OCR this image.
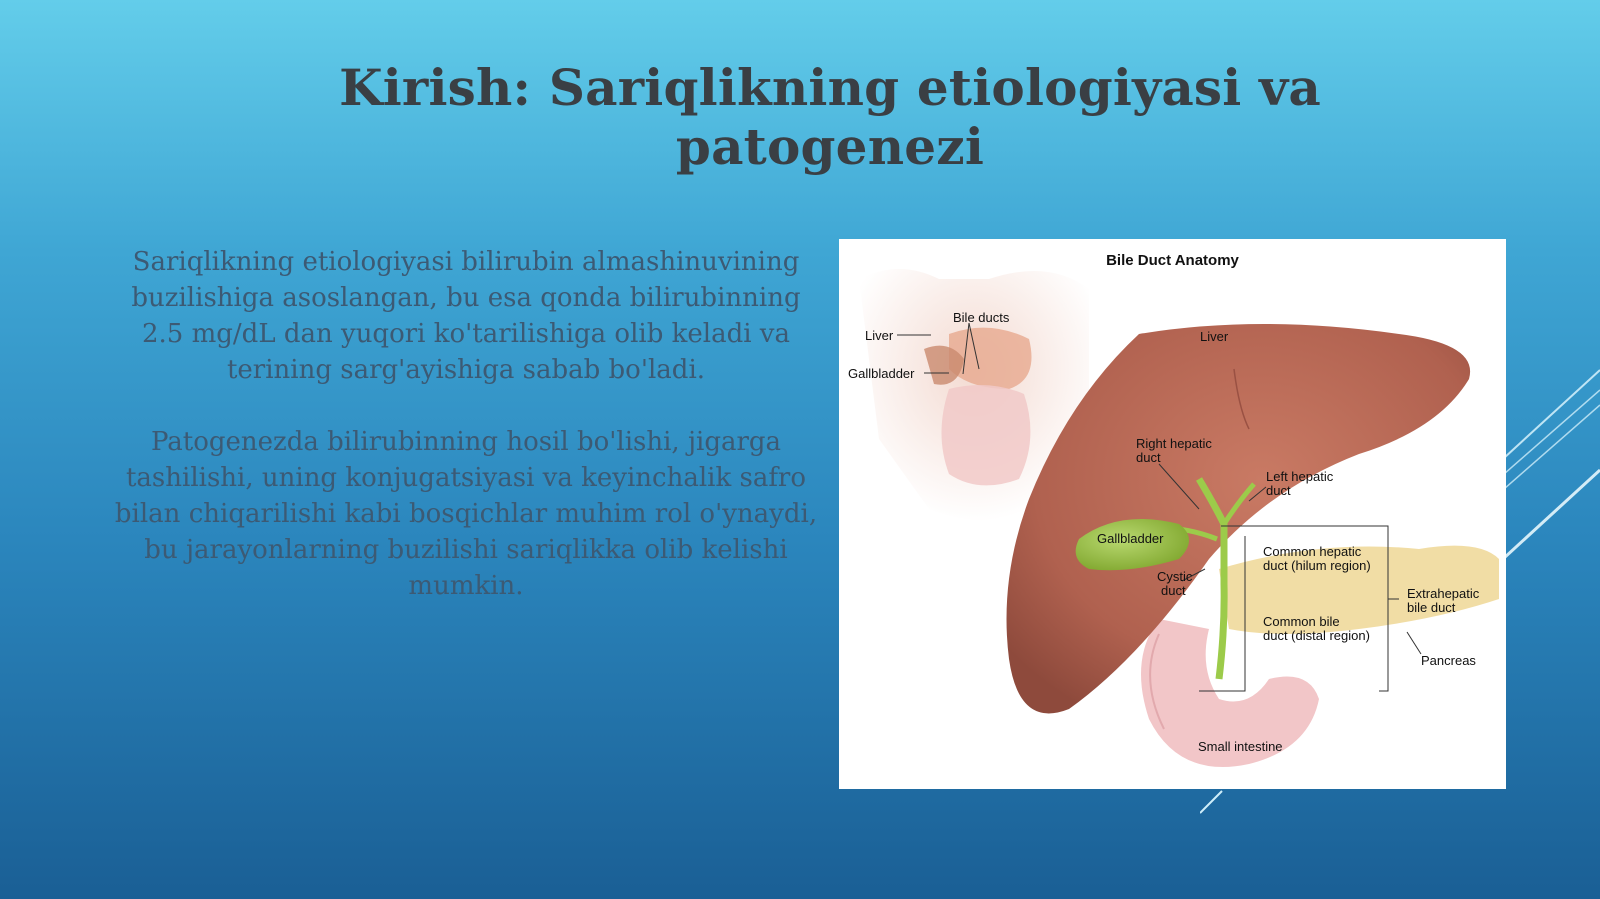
Kirish: Sariqlikning etiologiyasi va patogenezi

Sariqlikning etiologiyasi bilirubin almashinuvining buzilishiga asoslangan, bu esa qonda bilirubinning 2.5 mg/dL dan yuqori ko'tarilishiga olib keladi va terining sarg'ayishiga sabab bo'ladi.

Patogenezda bilirubinning hosil bo'lishi, jigarga tashilishi, uning konjugatsiyasi va keyinchalik safro bilan chiqarilishi kabi bosqichlar muhim rol o'ynaydi, bu jarayonlarning buzilishi sariqlikka olib kelishi mumkin.

Bile Duct Anatomy
Liver
Bile ducts
Gallbladder
Liver
Right hepatic
duct
Left hepatic
duct
Gallbladder
Common hepatic
duct (hilum region)
Cystic
duct	Extrahepatic
bile duct
Common bile
duct (distal region)
Pancreas
Small intestine
